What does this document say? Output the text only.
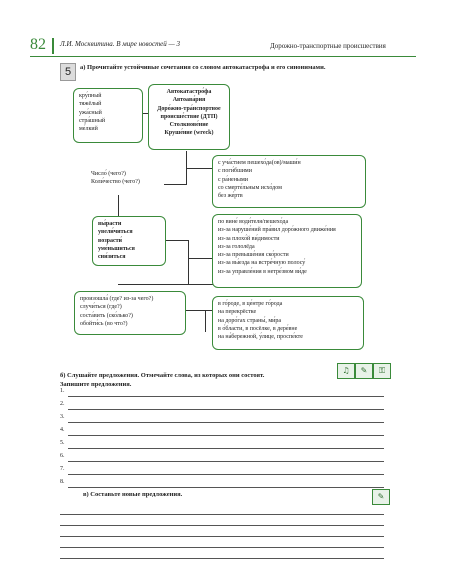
82 Л.И. Москвитина. В мире новостей — 3	Дорожно-транспортные происшествия
5	а) Прочитайте устойчивые сочетания со словом автокатастрофа и его синонимами.
кру́пный
тяжёлый
ужа́сный
стра́шный
ме́лкий
Автокатастро́фа
Автоава́рия
Доро́жно-тра́нспортное
происше́ствие (ДТП)
Столкнове́ние
Круше́ние (wreck)
Число́ (чего?)
Коли́чество (чего?)
с уча́стием пешехо́да(ов)/маши́н
с поги́бшими
с ра́неными
со смерте́льным исхо́дом
без же́ртв
вы́расти
увели́читься
возрасти́
уме́ньшиться
сни́зиться
по вине́ води́теля/пешехо́да
из-за наруше́ний пра́вил доро́жного движе́ния
из-за плохо́й ви́димости
из-за гололёда
из-за превыше́ния ско́рости
из-за вы́езда на встре́чную полосу́
из-за управле́ния в нетре́звом ви́де
произошла́ (где? из-за чего?)
случи́ться (где?)
соста́вить (ско́лько?)
обойти́сь (во что?)
в го́роде, в це́нтре го́рода
на перекрёстке
на доро́гах страны́, ми́ра
в о́бласти, в посёлке, в дере́вне
на на́бережной, у́лице, проспе́кте
б) Слушайте предложения. Отмечайте слова, из которых они состоят.
Запишите предложения.
♫	✎	⚿
1.
2.
3.
4.
5.
6.
7.
8.
в) Составьте новые предложения.	✎
